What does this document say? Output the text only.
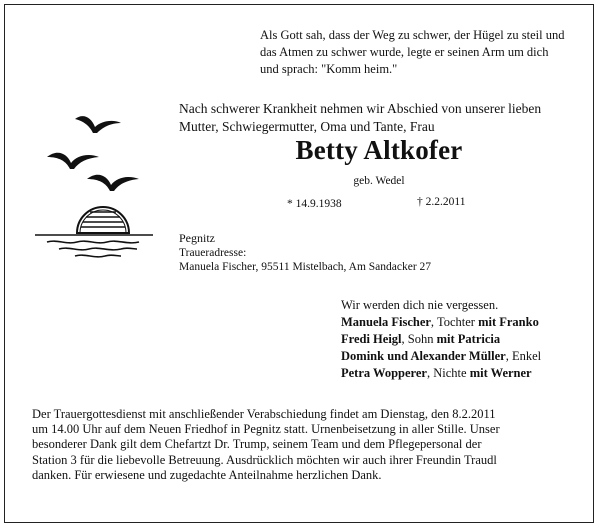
Als Gott sah, dass der Weg zu schwer, der Hügel zu steil und
das Atmen zu schwer wurde, legte er seinen Arm um dich
und sprach: "Komm heim."
Nach schwerer Krankheit nehmen wir Abschied von unserer lieben
Mutter, Schwiegermutter, Oma und Tante, Frau
Betty Altkofer
geb. Wedel
* 14.9.1938	† 2.2.2011
Pegnitz
Traueradresse:
Manuela Fischer, 95511 Mistelbach, Am Sandacker 27
Wir werden dich nie vergessen.
Manuela Fischer, Tochter mit Franko
Fredi Heigl, Sohn mit Patricia
Domink und Alexander Müller, Enkel
Petra Wopperer, Nichte mit Werner
Der Trauergottesdienst mit anschließender Verabschiedung findet am Dienstag, den 8.2.2011
um 14.00 Uhr auf dem Neuen Friedhof in Pegnitz statt. Urnenbeisetzung in aller Stille. Unser
besonderer Dank gilt dem Chefartzt Dr. Trump, seinem Team und dem Pflegepersonal der
Station 3 für die liebevolle Betreuung. Ausdrücklich möchten wir auch ihrer Freundin Traudl
danken. Für erwiesene und zugedachte Anteilnahme herzlichen Dank.
